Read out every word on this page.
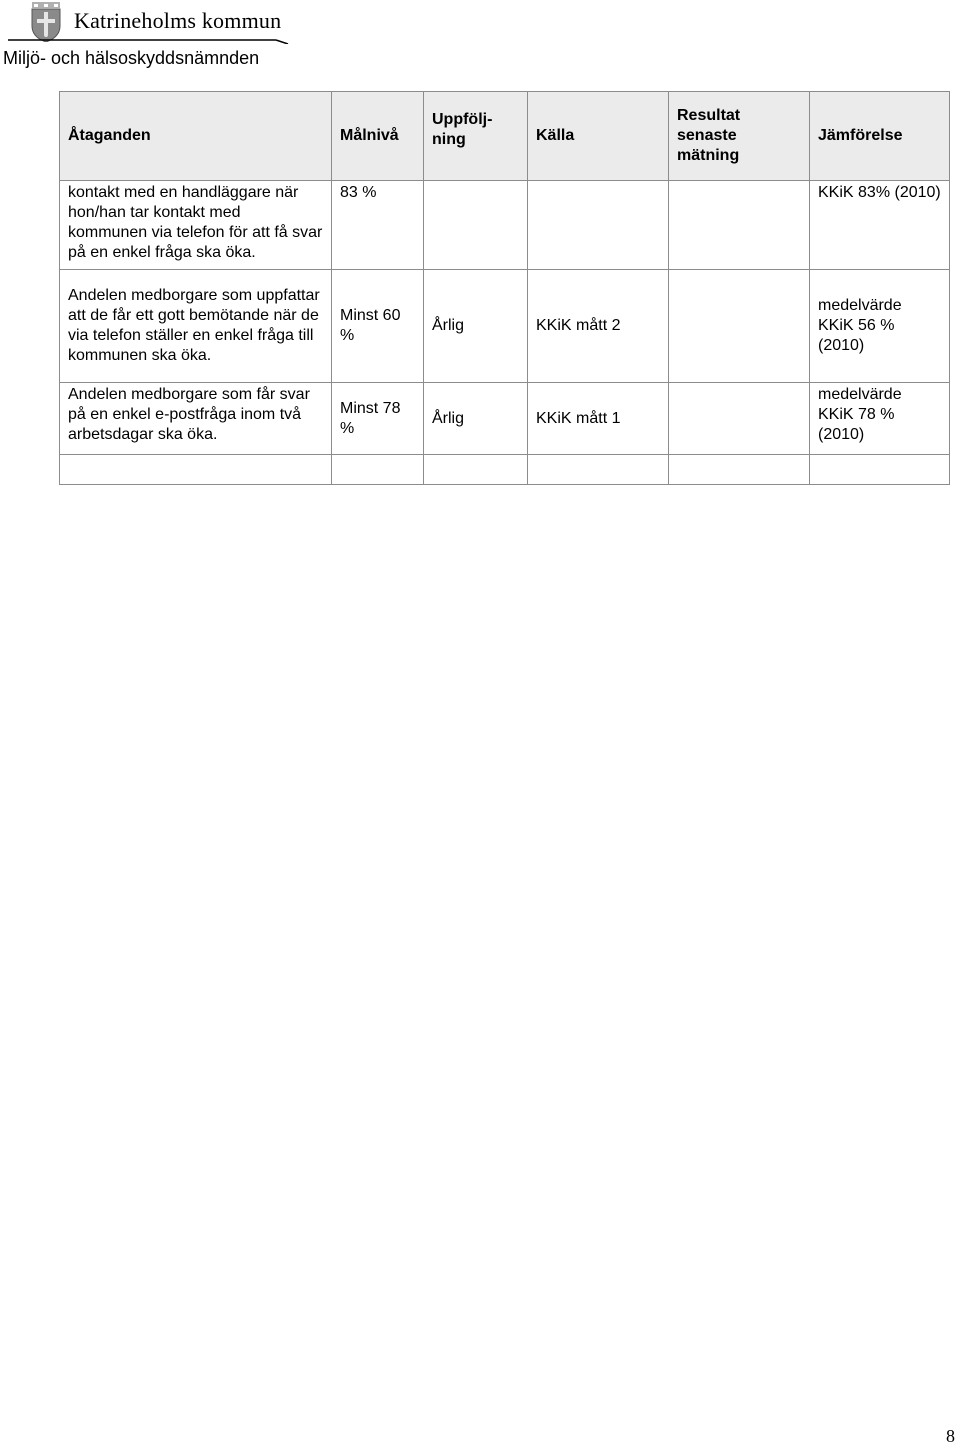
Katrineholms kommun
Miljö- och hälsoskyddsnämnden
Åtaganden	Målnivå	Uppfölj-ning	Källa	Resultat senaste mätning	Jämförelse
kontakt med en handläggare när hon/han tar kontakt med kommunen via telefon för att få svar på en enkel fråga ska öka.	83 %				KKiK 83% (2010)
Andelen medborgare som uppfattar att de får ett gott bemötande när de via telefon ställer en enkel fråga till kommunen ska öka.	Minst 60 %	Årlig	KKiK mått 2		medelvärde KKiK 56 % (2010)
Andelen medborgare som får svar på en enkel e-postfråga inom två arbetsdagar ska öka.	Minst 78 %	Årlig	KKiK mått 1		medelvärde KKiK 78 % (2010)

8
